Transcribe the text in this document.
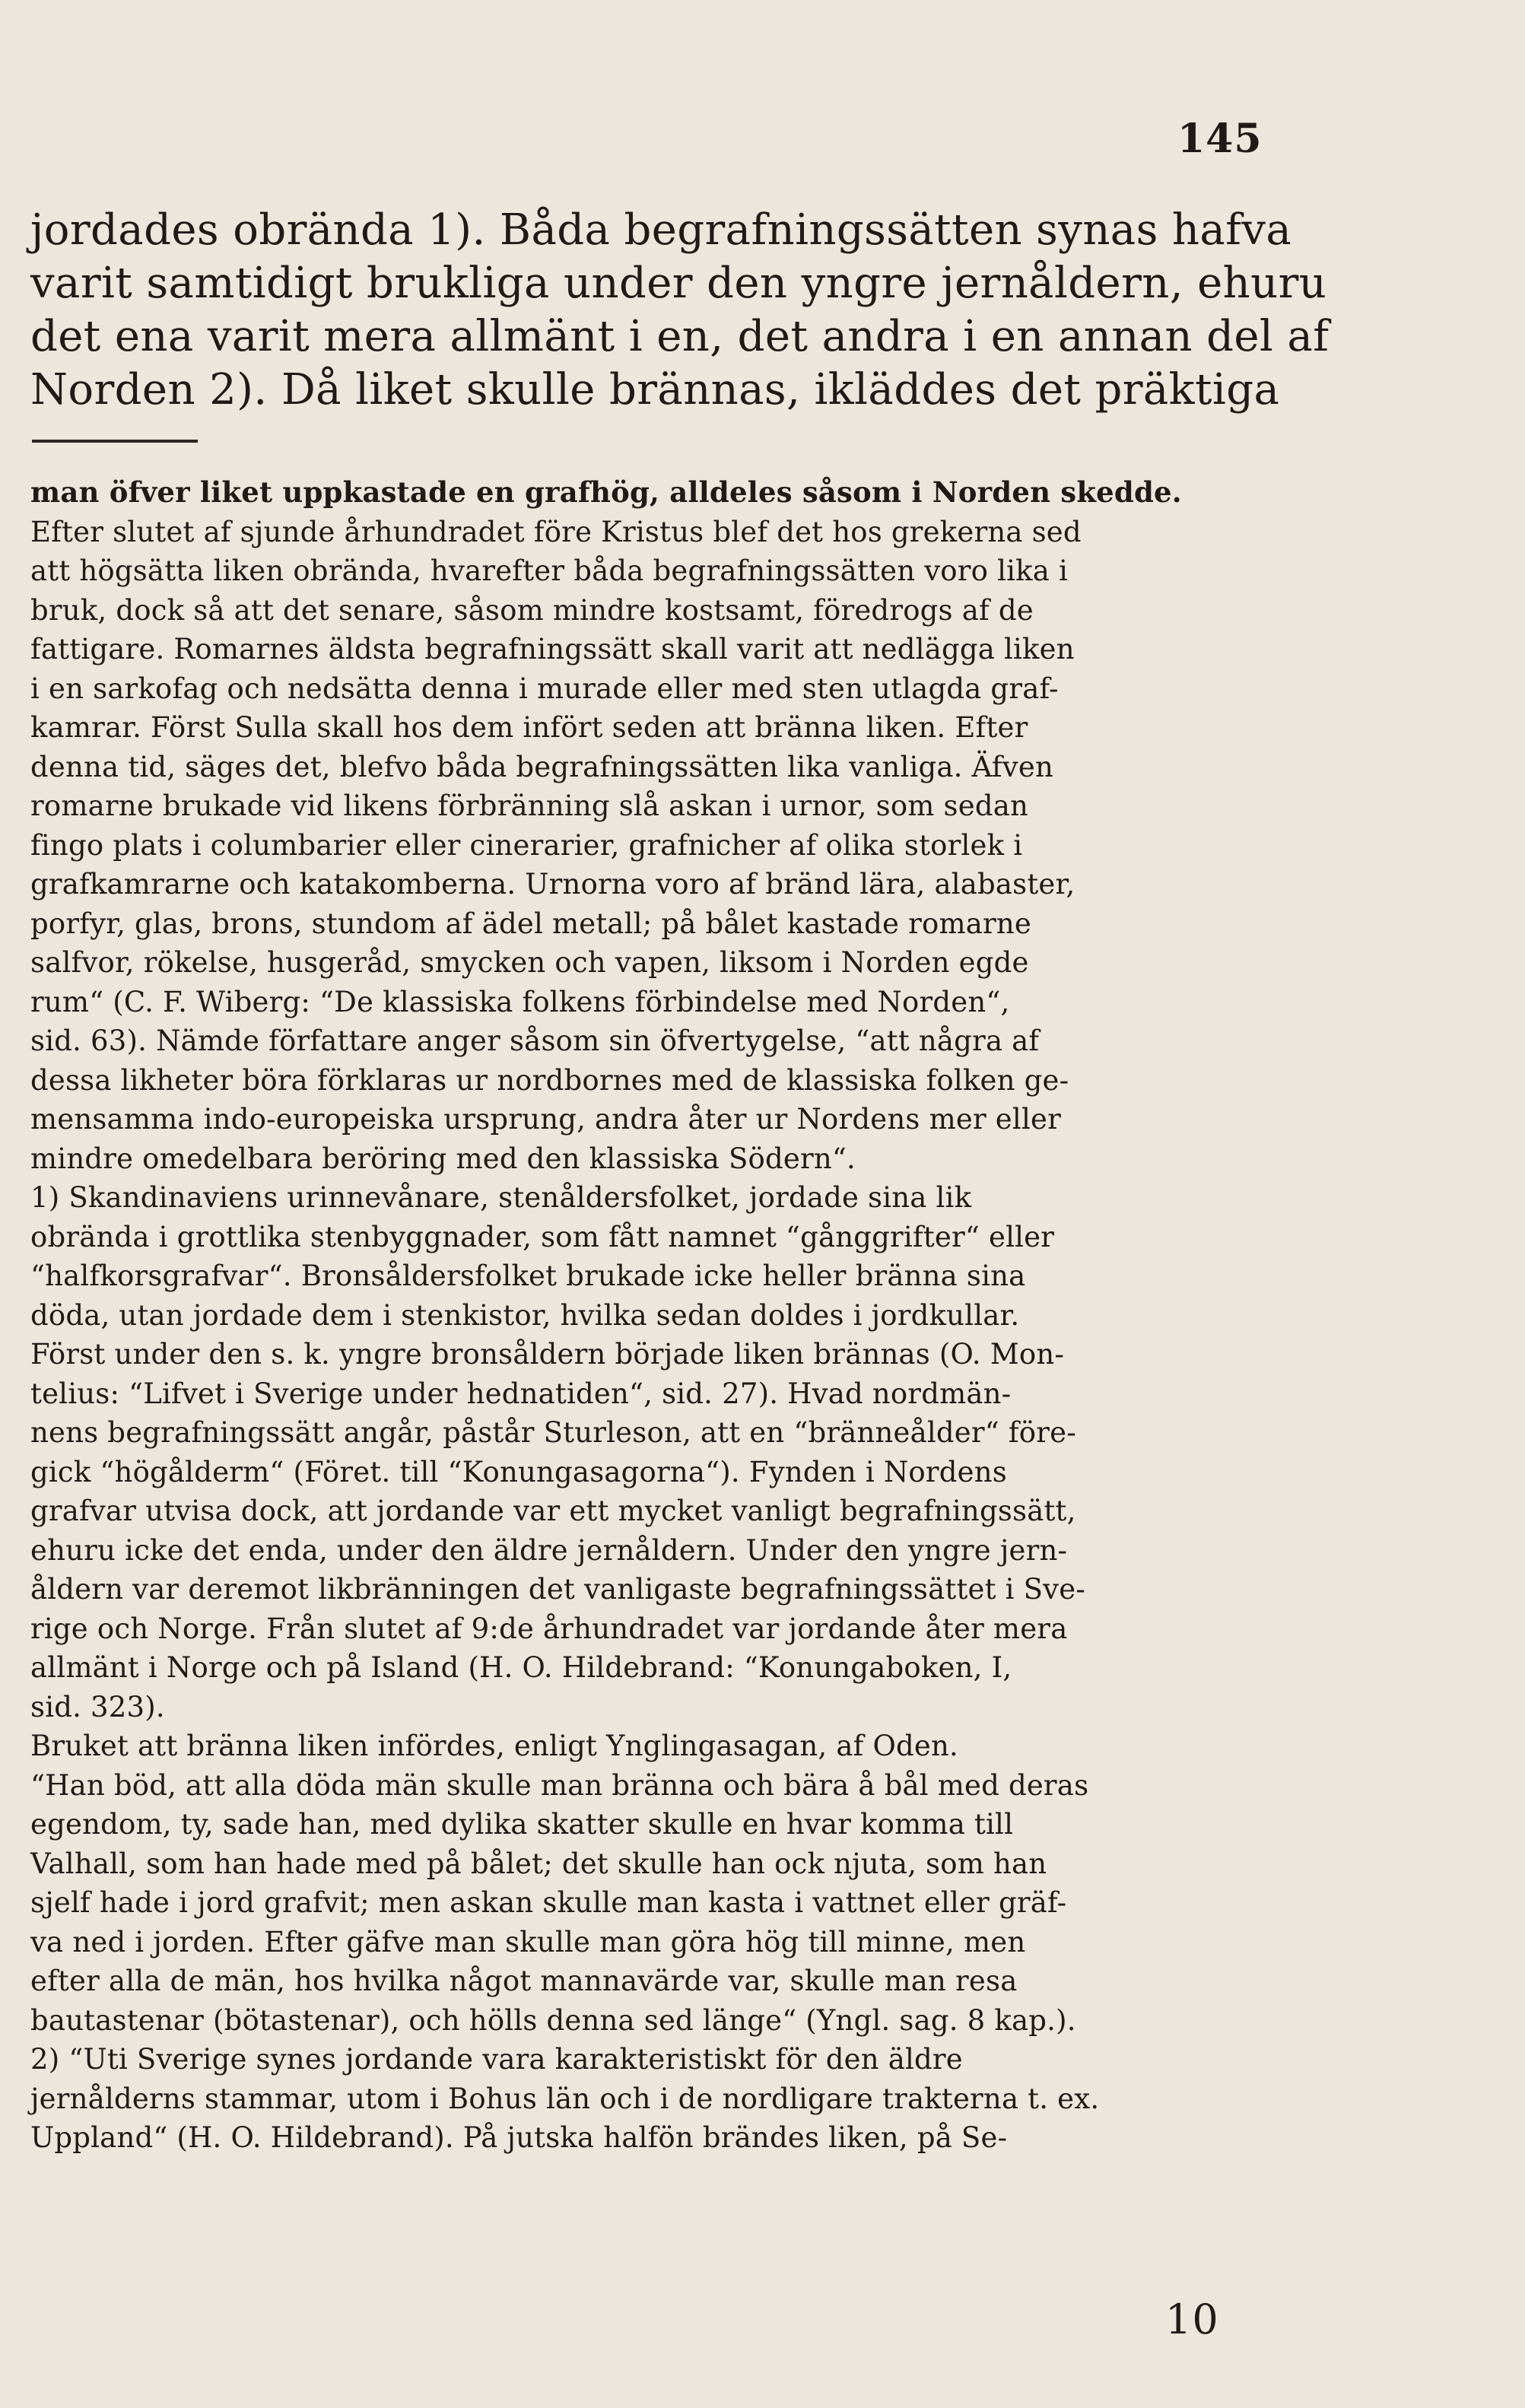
145
jordades obrända 1). Båda begrafningssätten synas hafva
varit samtidigt brukliga under den yngre jernåldern, ehuru
det ena varit mera allmänt i en, det andra i en annan del af
Norden 2). Då liket skulle brännas, ikläddes det präktiga
man öfver liket uppkastade en grafhög, alldeles såsom i Norden skedde.
Efter slutet af sjunde århundradet före Kristus blef det hos grekerna sed
att högsätta liken obrända, hvarefter båda begrafningssätten voro lika i
bruk, dock så att det senare, såsom mindre kostsamt, föredrogs af de
fattigare. Romarnes äldsta begrafningssätt skall varit att nedlägga liken
i en sarkofag och nedsätta denna i murade eller med sten utlagda graf-
kamrar. Först Sulla skall hos dem infört seden att bränna liken. Efter
denna tid, säges det, blefvo båda begrafningssätten lika vanliga. Äfven
romarne brukade vid likens förbränning slå askan i urnor, som sedan
fingo plats i columbarier eller cinerarier, grafnicher af olika storlek i
grafkamrarne och katakomberna. Urnorna voro af bränd lära, alabaster,
porfyr, glas, brons, stundom af ädel metall; på bålet kastade romarne
salfvor, rökelse, husgeråd, smycken och vapen, liksom i Norden egde
rum“ (C. F. Wiberg: “De klassiska folkens förbindelse med Norden“,
sid. 63). Nämde författare anger såsom sin öfvertygelse, “att några af
dessa likheter böra förklaras ur nordbornes med de klassiska folken ge-
mensamma indo-europeiska ursprung, andra åter ur Nordens mer eller
mindre omedelbara beröring med den klassiska Södern“.
1) Skandinaviens urinnevånare, stenåldersfolket, jordade sina lik
obrända i grottlika stenbyggnader, som fått namnet “gånggrifter“ eller
“halfkorsgrafvar“. Bronsåldersfolket brukade icke heller bränna sina
döda, utan jordade dem i stenkistor, hvilka sedan doldes i jordkullar.
Först under den s. k. yngre bronsåldern började liken brännas (O. Mon-
telius: “Lifvet i Sverige under hednatiden“, sid. 27). Hvad nordmän-
nens begrafningssätt angår, påstår Sturleson, att en “bränneålder“ före-
gick “högålderm“ (Föret. till “Konungasagorna“). Fynden i Nordens
grafvar utvisa dock, att jordande var ett mycket vanligt begrafningssätt,
ehuru icke det enda, under den äldre jernåldern. Under den yngre jern-
åldern var deremot likbränningen det vanligaste begrafningssättet i Sve-
rige och Norge. Från slutet af 9:de århundradet var jordande åter mera
allmänt i Norge och på Island (H. O. Hildebrand: “Konungaboken, I,
sid. 323).
Bruket att bränna liken infördes, enligt Ynglingasagan, af Oden.
“Han böd, att alla döda män skulle man bränna och bära å bål med deras
egendom, ty, sade han, med dylika skatter skulle en hvar komma till
Valhall, som han hade med på bålet; det skulle han ock njuta, som han
sjelf hade i jord grafvit; men askan skulle man kasta i vattnet eller gräf-
va ned i jorden. Efter gäfve man skulle man göra hög till minne, men
efter alla de män, hos hvilka något mannavärde var, skulle man resa
bautastenar (bötastenar), och hölls denna sed länge“ (Yngl. sag. 8 kap.).
2) “Uti Sverige synes jordande vara karakteristiskt för den äldre
jernålderns stammar, utom i Bohus län och i de nordligare trakterna t. ex.
Uppland“ (H. O. Hildebrand). På jutska halfön brändes liken, på Se-
10
